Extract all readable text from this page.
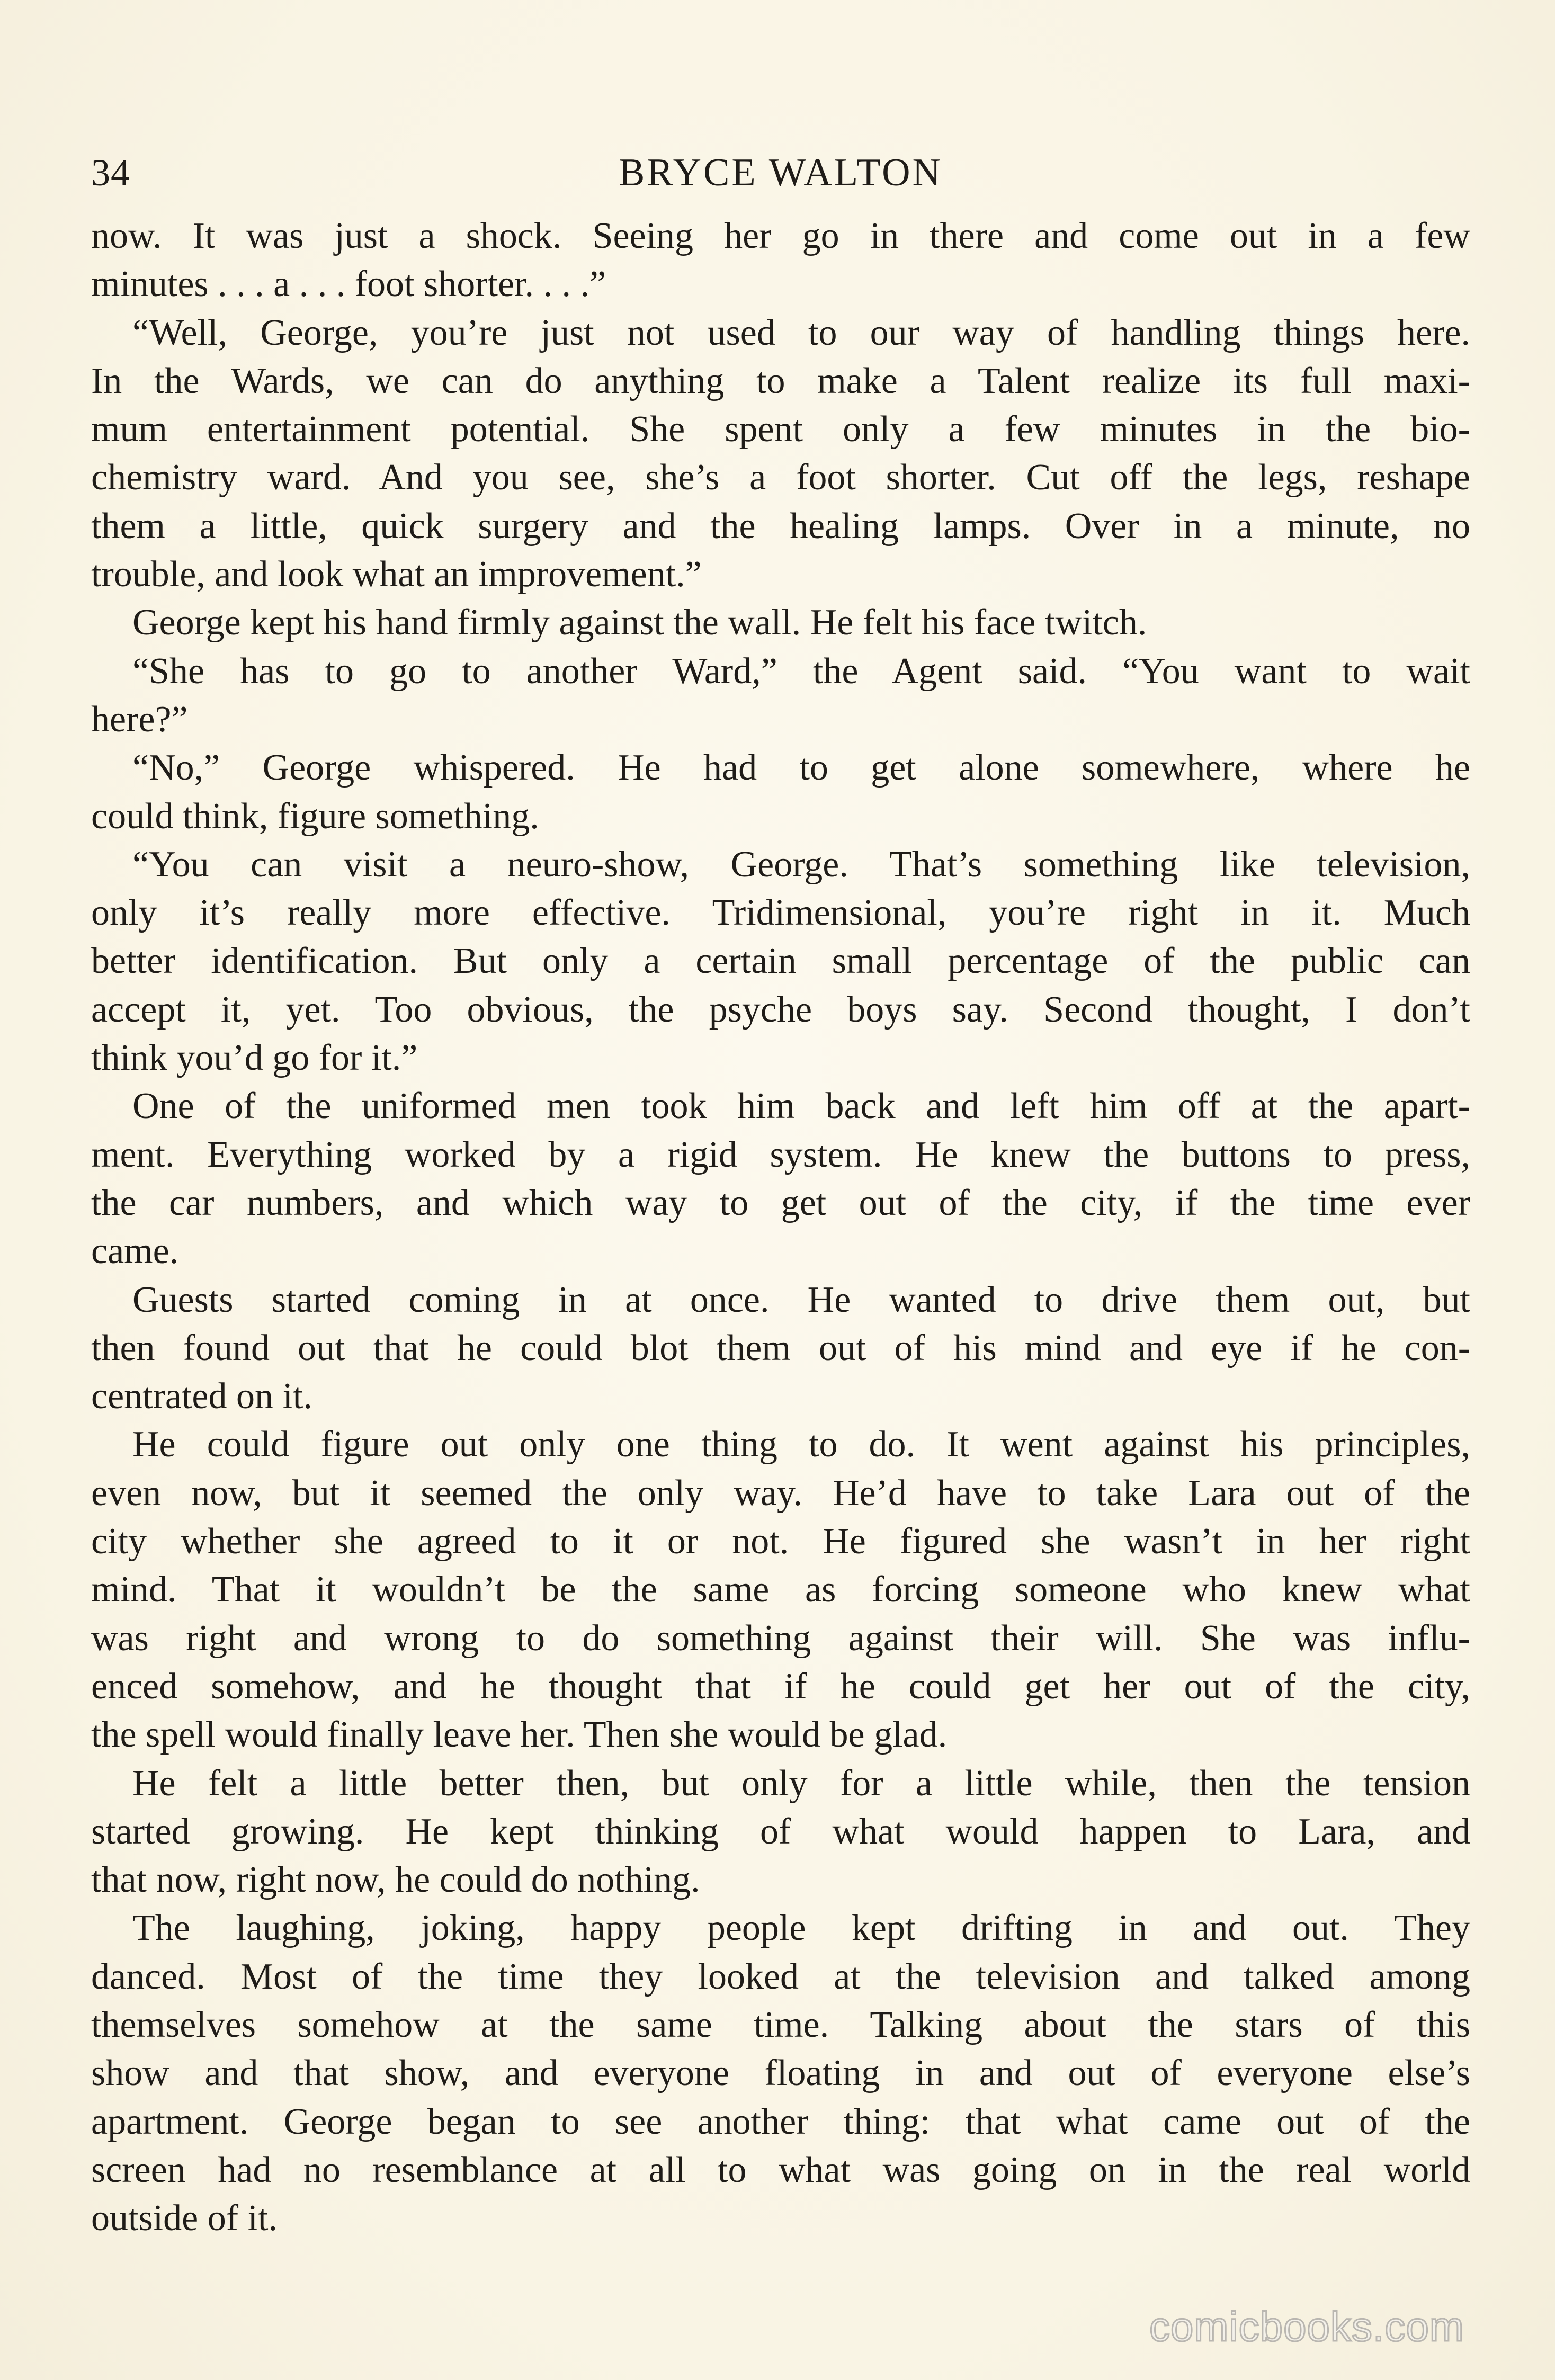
34	BRYCE WALTON
now. It was just a shock. Seeing her go in there and come out in a few
minutes . . . a . . . foot shorter. . . .”
“Well, George, you’re just not used to our way of handling things here.
In the Wards, we can do anything to make a Talent realize its full maxi-
mum entertainment potential. She spent only a few minutes in the bio-
chemistry ward. And you see, she’s a foot shorter. Cut off the legs, reshape
them a little, quick surgery and the healing lamps. Over in a minute, no
trouble, and look what an improvement.”
George kept his hand firmly against the wall. He felt his face twitch.
“She has to go to another Ward,” the Agent said. “You want to wait
here?”
“No,” George whispered. He had to get alone somewhere, where he
could think, figure something.
“You can visit a neuro-show, George. That’s something like television,
only it’s really more effective. Tridimensional, you’re right in it. Much
better identification. But only a certain small percentage of the public can
accept it, yet. Too obvious, the psyche boys say. Second thought, I don’t
think you’d go for it.”
One of the uniformed men took him back and left him off at the apart-
ment. Everything worked by a rigid system. He knew the buttons to press,
the car numbers, and which way to get out of the city, if the time ever
came.
Guests started coming in at once. He wanted to drive them out, but
then found out that he could blot them out of his mind and eye if he con-
centrated on it.
He could figure out only one thing to do. It went against his principles,
even now, but it seemed the only way. He’d have to take Lara out of the
city whether she agreed to it or not. He figured she wasn’t in her right
mind. That it wouldn’t be the same as forcing someone who knew what
was right and wrong to do something against their will. She was influ-
enced somehow, and he thought that if he could get her out of the city,
the spell would finally leave her. Then she would be glad.
He felt a little better then, but only for a little while, then the tension
started growing. He kept thinking of what would happen to Lara, and
that now, right now, he could do nothing.
The laughing, joking, happy people kept drifting in and out. They
danced. Most of the time they looked at the television and talked among
themselves somehow at the same time. Talking about the stars of this
show and that show, and everyone floating in and out of everyone else’s
apartment. George began to see another thing: that what came out of the
screen had no resemblance at all to what was going on in the real world
outside of it.
comicbooks.com
